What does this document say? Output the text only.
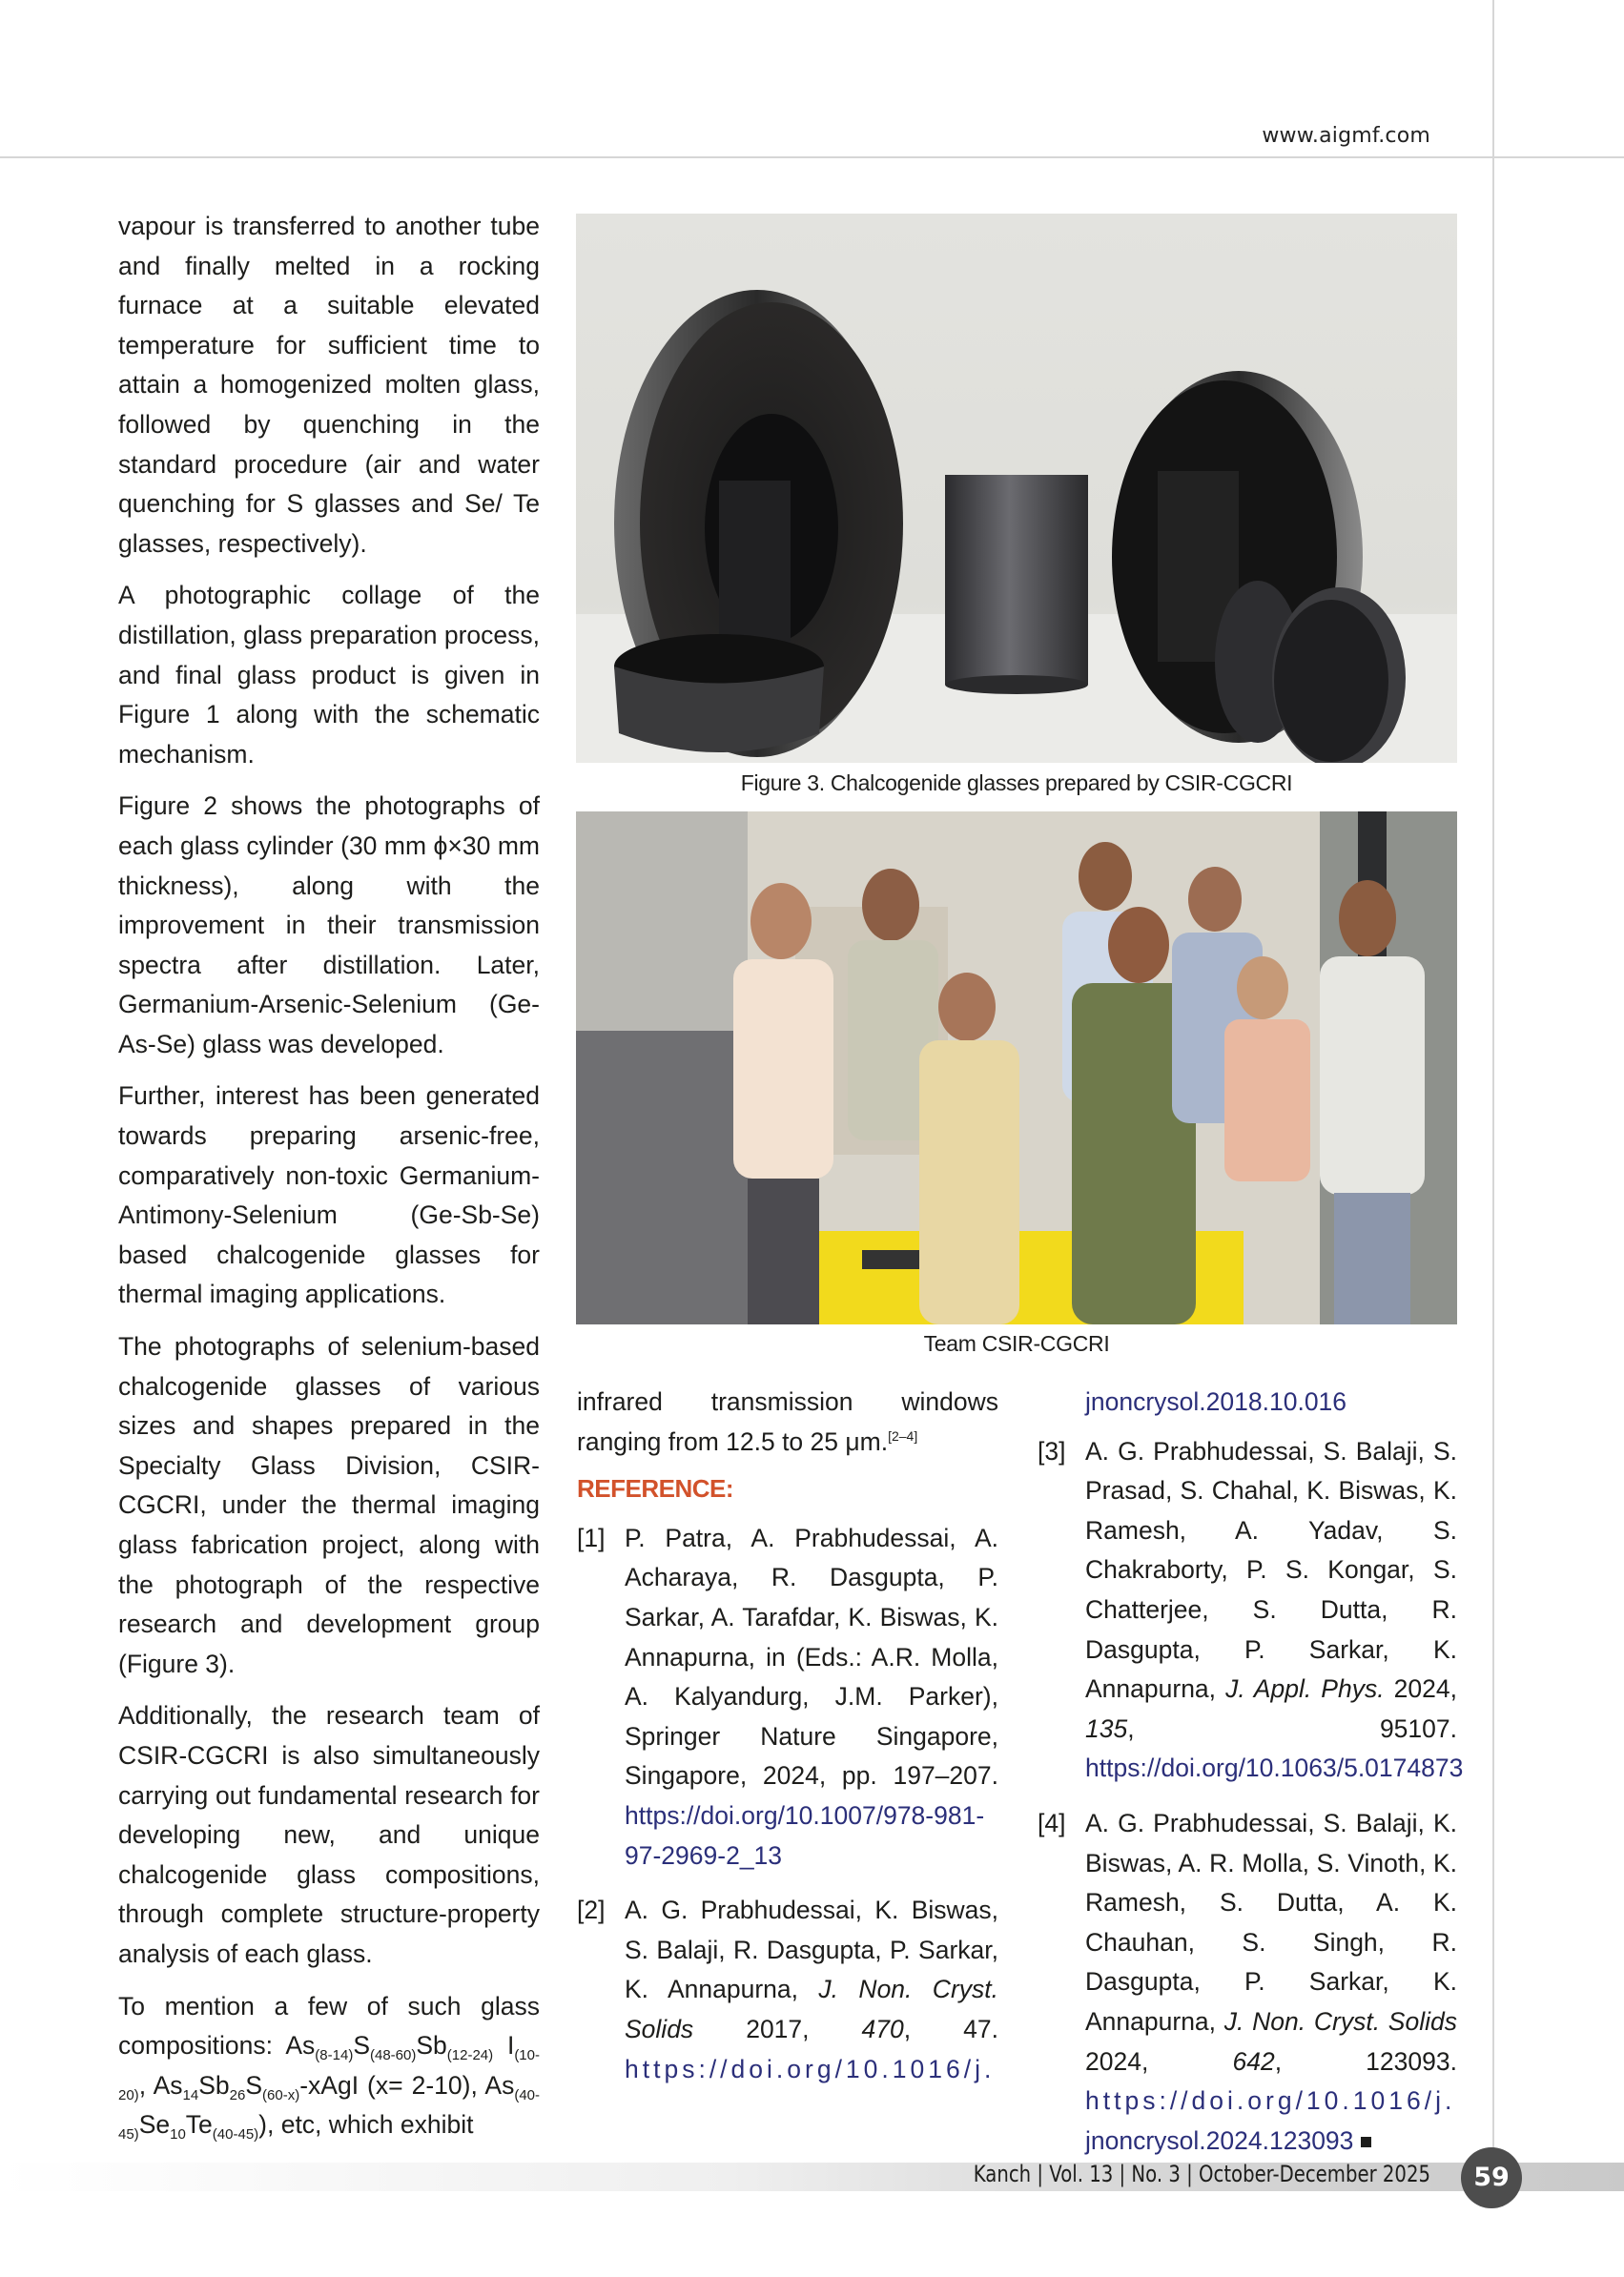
www.aigmf.com

vapour is transferred to another tube and finally melted in a rocking furnace at a suitable elevated temperature for sufficient time to attain a homogenized molten glass, followed by quenching in the standard procedure (air and water quenching for S glasses and Se/ Te glasses, respectively).

A photographic collage of the distillation, glass preparation process, and final glass product is given in Figure 1 along with the schematic mechanism.

Figure 2 shows the photographs of each glass cylinder (30 mm ϕ×30 mm thickness), along with the improvement in their transmission spectra after distillation. Later, Germanium-Arsenic-Selenium (Ge-As-Se) glass was developed.

Further, interest has been generated towards preparing arsenic-free, comparatively non-toxic Germanium-Antimony-Selenium (Ge-Sb-Se) based chalcogenide glasses for thermal imaging applications.

The photographs of selenium-based chalcogenide glasses of various sizes and shapes prepared in the Specialty Glass Division, CSIR-CGCRI, under the thermal imaging glass fabrication project, along with the photograph of the respective research and development group (Figure 3).

Additionally, the research team of CSIR-CGCRI is also simultaneously carrying out fundamental research for developing new, and unique chalcogenide glass compositions, through complete structure-property analysis of each glass.

To mention a few of such glass compositions: $As_{(8-14)}S_{(48-60)}Sb_{(12-24)}$ $I_{(10-20)}$, $As_{14}Sb_{26}S_{(60-x)}$-xAgI (x= 2-10), $As_{(40-45)}Se_{10}Te_{(40-45)}$), etc, which exhibit

Figure 3. Chalcogenide glasses prepared by CSIR-CGCRI
Team CSIR-CGCRI

infrared transmission windows ranging from 12.5 to 25 μm.[2–4]

REFERENCE:
[1] P. Patra, A. Prabhudessai, A. Acharaya, R. Dasgupta, P. Sarkar, A. Tarafdar, K. Biswas, K. Annapurna, in (Eds.: A.R. Molla, A. Kalyandurg, J.M. Parker), Springer Nature Singapore, Singapore, 2024, pp. 197–207. https://doi.org/10.1007/978-981-97-2969-2_13
[2] A. G. Prabhudessai, K. Biswas, S. Balaji, R. Dasgupta, P. Sarkar, K. Annapurna, J. Non. Cryst. Solids 2017, 470, 47. https://doi.org/10.1016/j.
jnoncrysol.2018.10.016
[3] A. G. Prabhudessai, S. Balaji, S. Prasad, S. Chahal, K. Biswas, K. Ramesh, A. Yadav, S. Chakraborty, P. S. Kongar, S. Chatterjee, S. Dutta, R. Dasgupta, P. Sarkar, K. Annapurna, J. Appl. Phys. 2024, 135, 95107. https://doi.org/10.1063/5.0174873
[4] A. G. Prabhudessai, S. Balaji, K. Biswas, A. R. Molla, S. Vinoth, K. Ramesh, S. Dutta, A. K. Chauhan, S. Singh, R. Dasgupta, P. Sarkar, K. Annapurna, J. Non. Cryst. Solids 2024,	642, 123093. https://doi.org/10.1016/j. jnoncrysol.2024.123093
Kanch | Vol. 13 | No. 3 | October-December 2025	59
